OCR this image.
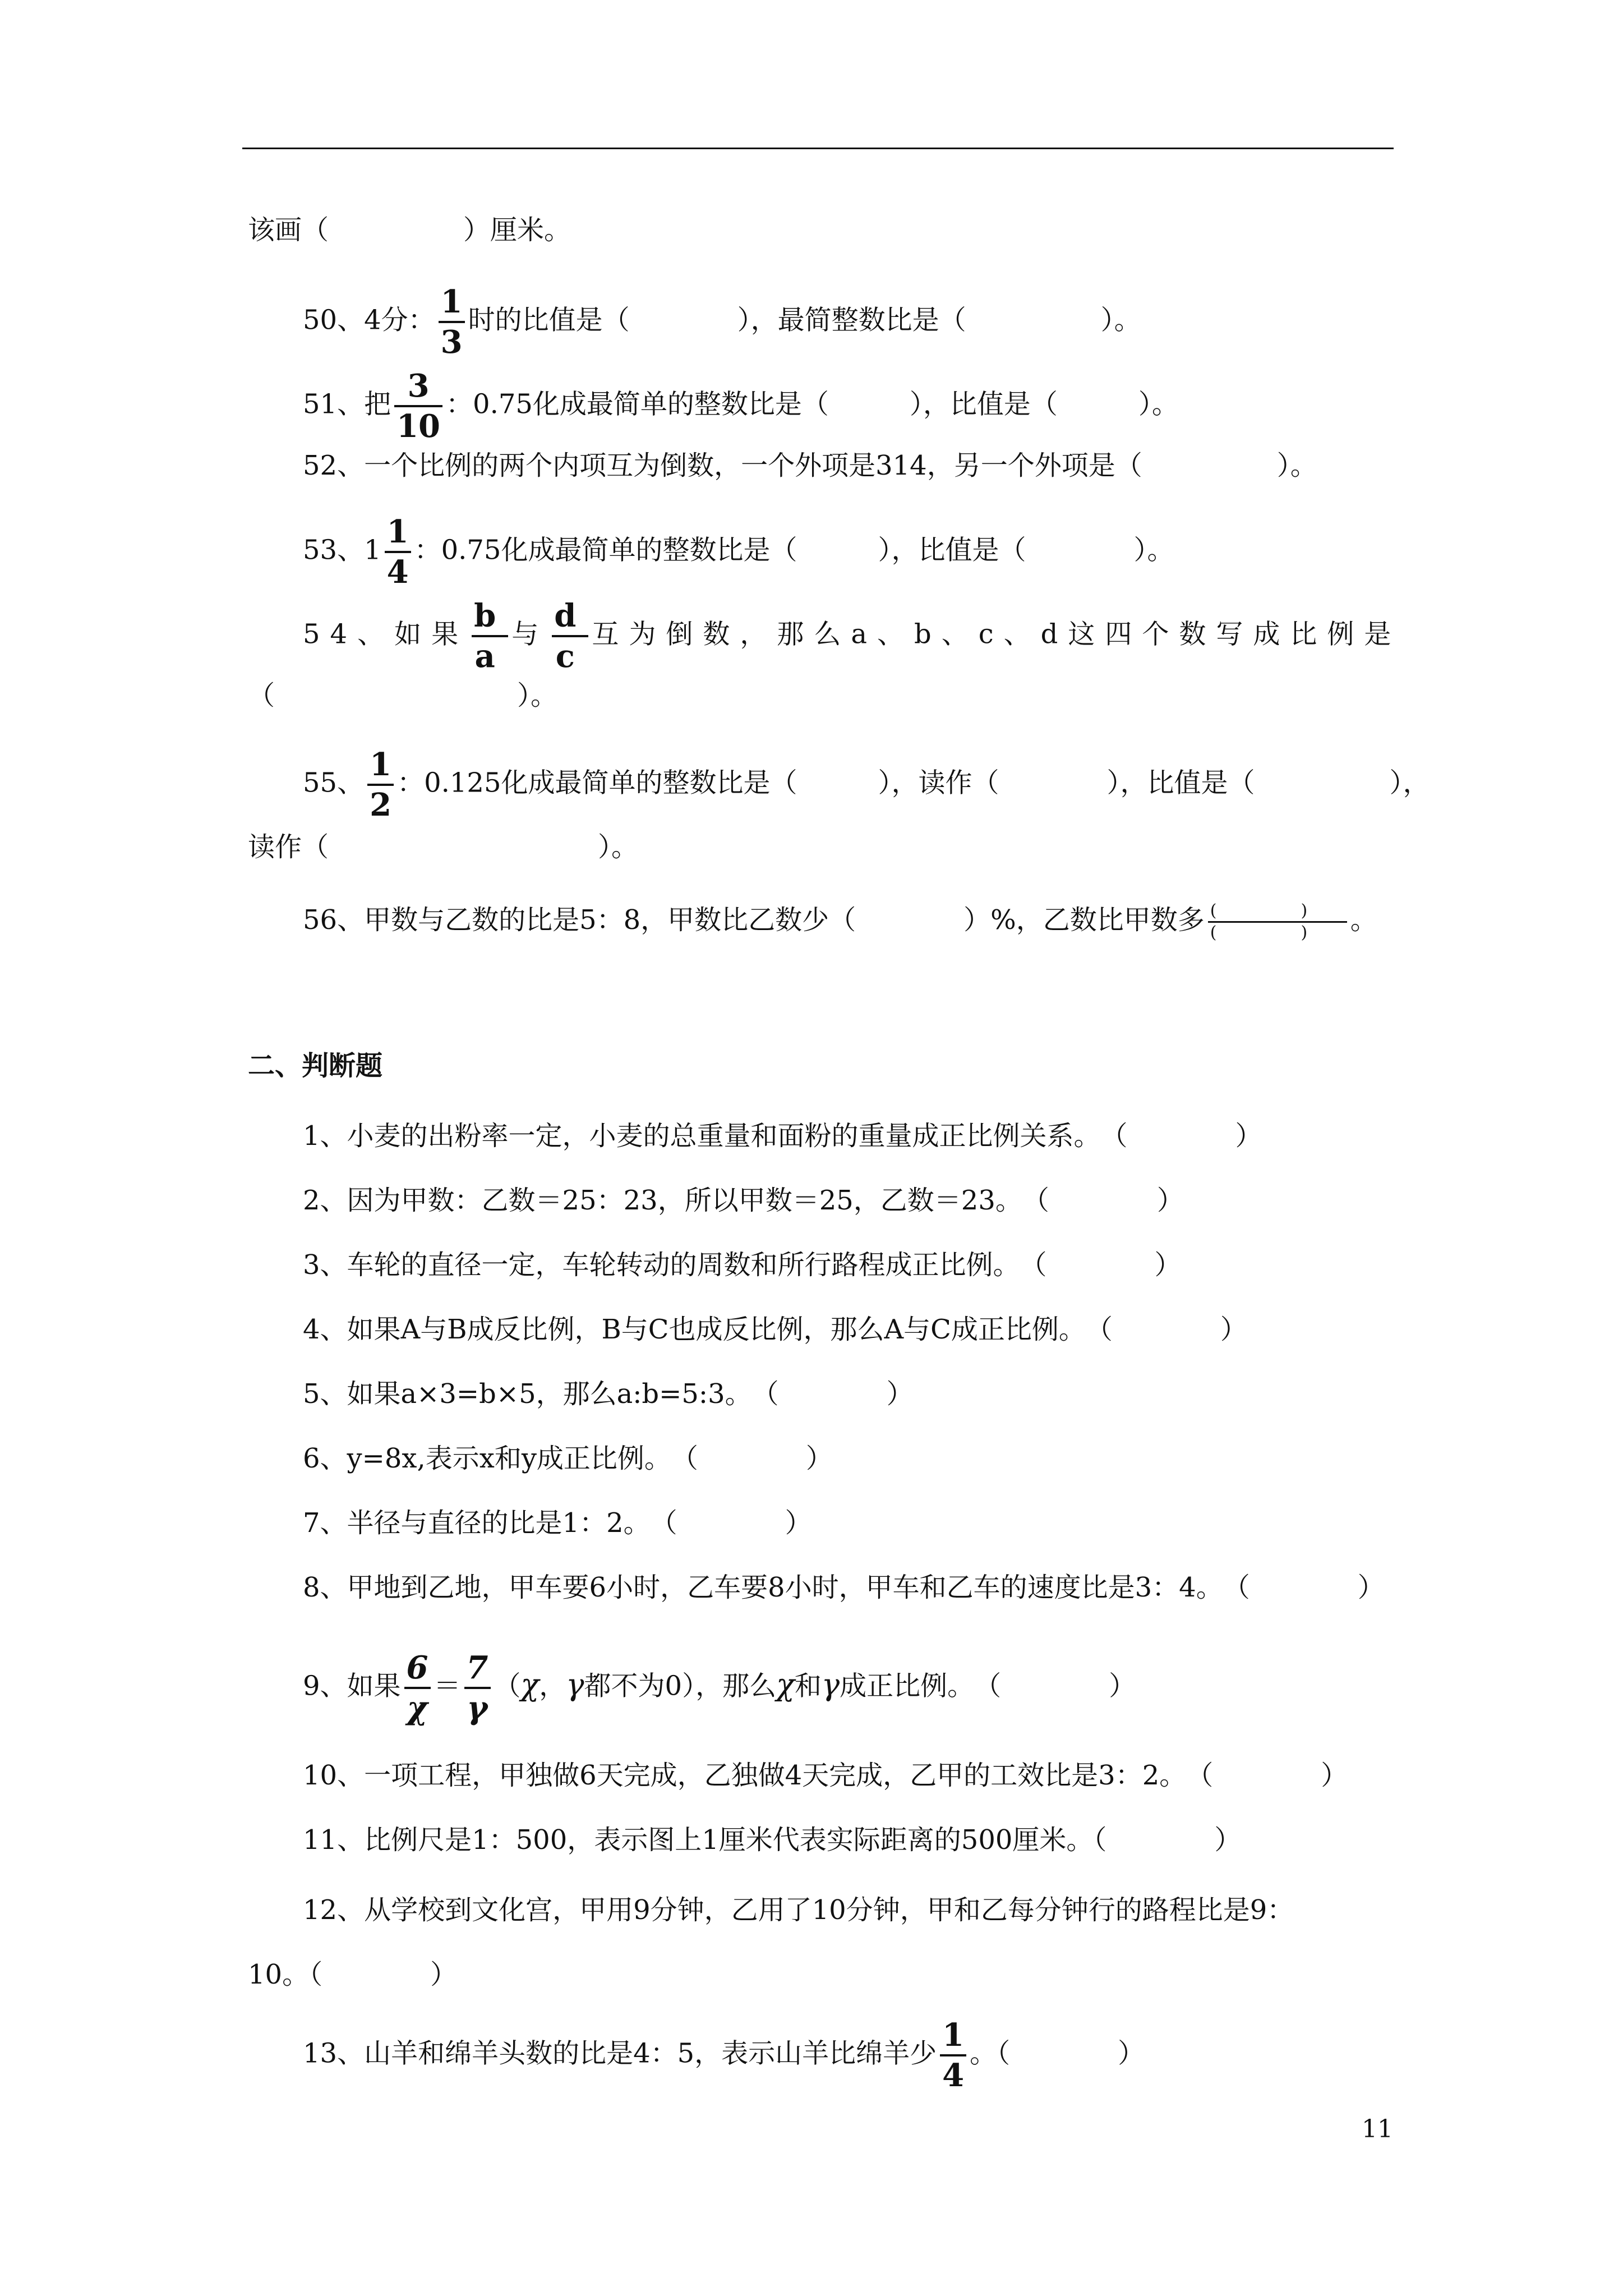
该画（　　　　　）厘米。
50、4分： $\frac{1}{3}$ 时的比值是（　　　　），最简整数比是（　　　　　）。
51、把 $\frac{3}{10}$ ：0.75化成最简单的整数比是（　　　），比值是（　　　）。
52、一个比例的两个内项互为倒数，一个外项是314，另一个外项是（　　　　　）。
53、$1 \frac{1}{4}$ ：0.75化成最简单的整数比是（　　　），比值是（　　　　）。
54、如果 $\frac{b}{a}$ 与 $\frac{d}{c}$ 互为倒数，那么a、b、c、d这四个数写成比例是
（　　　　　　　　　）。
55、 $\frac{1}{2}$ ：0.125化成最简单的整数比是（　　　），读作（　　　　），比值是（　　　　　），
读作（　　　　　　　　　　）。
56、甲数与乙数的比是5：8，甲数比乙数少（　　　　）%，乙数比甲数多 $\frac{( )}{( )}$ 。
二、判断题
1、小麦的出粉率一定，小麦的总重量和面粉的重量成正比例关系。　（　　　　）
2、因为甲数：乙数＝25：23，所以甲数＝25，乙数＝23。　（　　　　）
3、车轮的直径一定，车轮转动的周数和所行路程成正比例。　（　　　　）
4、如果A与B成反比例，B与C也成反比例，那么A与C成正比例。　（　　　　）
5、如果a×3=b×5，那么a:b=5:3。　（　　　　）
6、y=8x,表示x和y成正比例。　（　　　　）
7、半径与直径的比是1：2。　（　　　　）
8、甲地到乙地，甲车要6小时，乙车要8小时，甲车和乙车的速度比是3：4。　（　　　　）
9、如果 $\frac{6}{\chi} = \frac{7}{\gamma} (\chi$，γ都不为0），那么χ和γ成正比例。　（　　　　）
10、一项工程，甲独做6天完成，乙独做4天完成，乙甲的工效比是3：2。　（　　　　）
11、比例尺是1：500，表示图上1厘米代表实际距离的500厘米。（　　　　）
12、从学校到文化宫，甲用9分钟，乙用了10分钟，甲和乙每分钟行的路程比是9：
10。（　　　　）
13、山羊和绵羊头数的比是4：5，表示山羊比绵羊少 $\frac{1}{4}$ 。（　　　　）
11
